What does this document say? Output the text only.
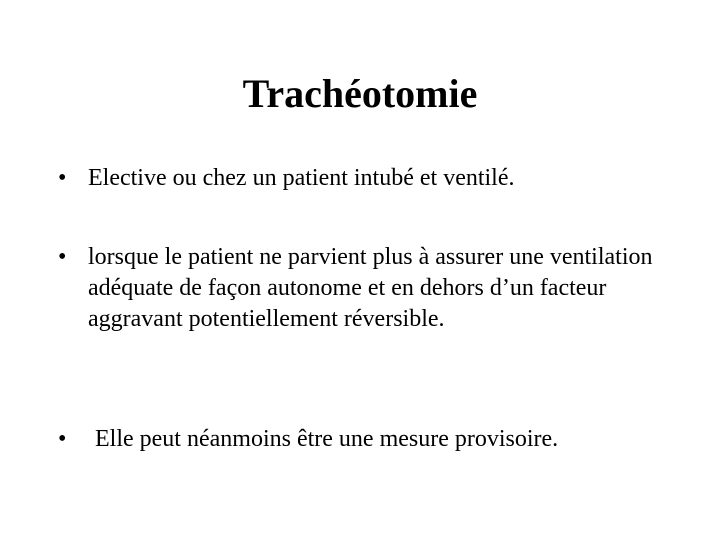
Trachéotomie
• Elective ou chez un patient intubé et ventilé.
• lorsque le patient ne parvient plus à assurer une ventilation adéquate de façon autonome et en dehors d’un facteur aggravant potentiellement réversible.
•	Elle peut néanmoins être une mesure provisoire.
